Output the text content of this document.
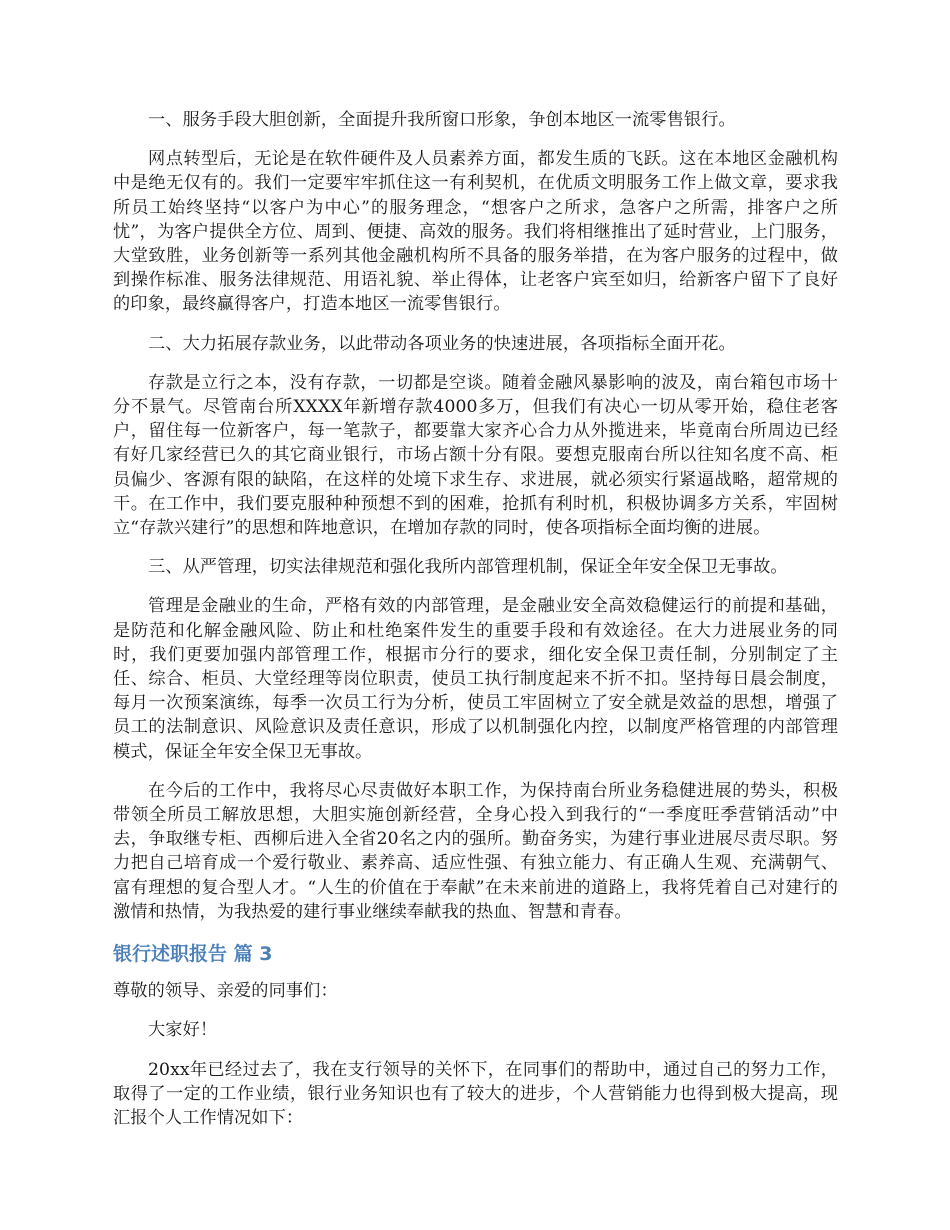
一、服务手段大胆创新，全面提升我所窗口形象，争创本地区一流零售银行。

网点转型后，无论是在软件硬件及人员素养方面，都发生质的飞跃。这在本地区金融机构中是绝无仅有的。我们一定要牢牢抓住这一有利契机，在优质文明服务工作上做文章，要求我所员工始终坚持“以客户为中心”的服务理念，“想客户之所求，急客户之所需，排客户之所忧”，为客户提供全方位、周到、便捷、高效的服务。我们将相继推出了延时营业，上门服务，大堂致胜，业务创新等一系列其他金融机构所不具备的服务举措，在为客户服务的过程中，做到操作标准、服务法律规范、用语礼貌、举止得体，让老客户宾至如归，给新客户留下了良好的印象，最终赢得客户，打造本地区一流零售银行。

二、大力拓展存款业务，以此带动各项业务的快速进展，各项指标全面开花。

存款是立行之本，没有存款，一切都是空谈。随着金融风暴影响的波及，南台箱包市场十分不景气。尽管南台所XXXX年新增存款4000多万，但我们有决心一切从零开始，稳住老客户，留住每一位新客户，每一笔款子，都要靠大家齐心合力从外揽进来，毕竟南台所周边已经有好几家经营已久的其它商业银行，市场占额十分有限。要想克服南台所以往知名度不高、柜员偏少、客源有限的缺陷，在这样的处境下求生存、求进展，就必须实行紧逼战略，超常规的干。在工作中，我们要克服种种预想不到的困难，抢抓有利时机，积极协调多方关系，牢固树立“存款兴建行”的思想和阵地意识，在增加存款的同时，使各项指标全面均衡的进展。

三、从严管理，切实法律规范和强化我所内部管理机制，保证全年安全保卫无事故。

管理是金融业的生命，严格有效的内部管理，是金融业安全高效稳健运行的前提和基础，是防范和化解金融风险、防止和杜绝案件发生的重要手段和有效途径。在大力进展业务的同时，我们更要加强内部管理工作，根据市分行的要求，细化安全保卫责任制，分别制定了主任、综合、柜员、大堂经理等岗位职责，使员工执行制度起来不折不扣。坚持每日晨会制度，每月一次预案演练，每季一次员工行为分析，使员工牢固树立了安全就是效益的思想，增强了员工的法制意识、风险意识及责任意识，形成了以机制强化内控，以制度严格管理的内部管理模式，保证全年安全保卫无事故。

在今后的工作中，我将尽心尽责做好本职工作，为保持南台所业务稳健进展的势头，积极带领全所员工解放思想，大胆实施创新经营，全身心投入到我行的“一季度旺季营销活动”中去，争取继专柜、西柳后进入全省20名之内的强所。勤奋务实，为建行事业进展尽责尽职。努力把自己培育成一个爱行敬业、素养高、适应性强、有独立能力、有正确人生观、充满朝气、富有理想的复合型人才。“人生的价值在于奉献”在未来前进的道路上，我将凭着自己对建行的激情和热情，为我热爱的建行事业继续奉献我的热血、智慧和青春。

银行述职报告 篇 3

尊敬的领导、亲爱的同事们：

大家好！

20xx年已经过去了，我在支行领导的关怀下，在同事们的帮助中，通过自己的努力工作，取得了一定的工作业绩，银行业务知识也有了较大的进步，个人营销能力也得到极大提高，现汇报个人工作情况如下：
